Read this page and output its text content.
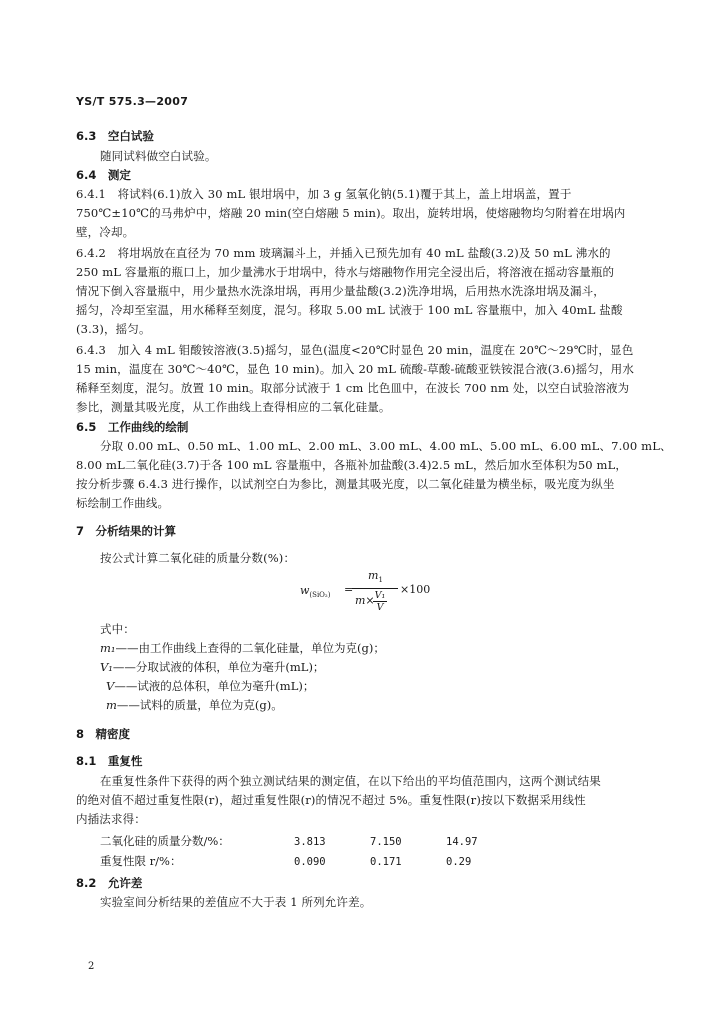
YS/T 575.3—2007
6.3　空白试验
随同试料做空白试验。
6.4　测定
6.4.1　将试料(6.1)放入 30 mL 银坩埚中，加 3 g 氢氧化钠(5.1)覆于其上，盖上坩埚盖，置于
750℃±10℃的马弗炉中，熔融 20 min(空白熔融 5 min)。取出，旋转坩埚，使熔融物均匀附着在坩埚内
壁，冷却。
6.4.2　将坩埚放在直径为 70 mm 玻璃漏斗上，并插入已预先加有 40 mL 盐酸(3.2)及 50 mL 沸水的
250 mL 容量瓶的瓶口上，加少量沸水于坩埚中，待水与熔融物作用完全浸出后，将溶液在摇动容量瓶的
情况下倒入容量瓶中，用少量热水洗涤坩埚，再用少量盐酸(3.2)洗净坩埚，后用热水洗涤坩埚及漏斗，
摇匀，冷却至室温，用水稀释至刻度，混匀。移取 5.00 mL 试液于 100 mL 容量瓶中，加入 40mL 盐酸
(3.3)，摇匀。
6.4.3　加入 4 mL 钼酸铵溶液(3.5)摇匀，显色(温度<20℃时显色 20 min，温度在 20℃～29℃时，显色
15 min，温度在 30℃～40℃，显色 10 min)。加入 20 mL 硫酸-草酸-硫酸亚铁铵混合液(3.6)摇匀，用水
稀释至刻度，混匀。放置 10 min。取部分试液于 1 cm 比色皿中，在波长 700 nm 处，以空白试验溶液为
参比，测量其吸光度，从工作曲线上查得相应的二氧化硅量。
6.5　工作曲线的绘制
分取 0.00 mL、0.50 mL、1.00 mL、2.00 mL、3.00 mL、4.00 mL、5.00 mL、6.00 mL、7.00 mL、
8.00 mL二氧化硅(3.7)于各 100 mL 容量瓶中，各瓶补加盐酸(3.4)2.5 mL，然后加水至体积为50 mL，
按分析步骤 6.4.3 进行操作，以试剂空白为参比，测量其吸光度，以二氧化硅量为横坐标，吸光度为纵坐
标绘制工作曲线。
7　分析结果的计算
按公式计算二氧化硅的质量分数(%)：
$w_{(SiO_2)}$ =
$m_1$
m×
$\frac{\text{V₁}}{V}$
×100
式中：
m₁——由工作曲线上查得的二氧化硅量，单位为克(g)；
V₁——分取试液的体积，单位为毫升(mL)；
V——试液的总体积，单位为毫升(mL)；
m——试料的质量，单位为克(g)。
8　精密度
8.1　重复性
在重复性条件下获得的两个独立测试结果的测定值，在以下给出的平均值范围内，这两个测试结果
的绝对值不超过重复性限(r)，超过重复性限(r)的情况不超过 5%。重复性限(r)按以下数据采用线性
内插法求得：
二氧化硅的质量分数/%：	3.813	7.150	14.97
重复性限 r/%：	0.090	0.171	0.29
8.2　允许差
实验室间分析结果的差值应不大于表 1 所列允许差。
2
